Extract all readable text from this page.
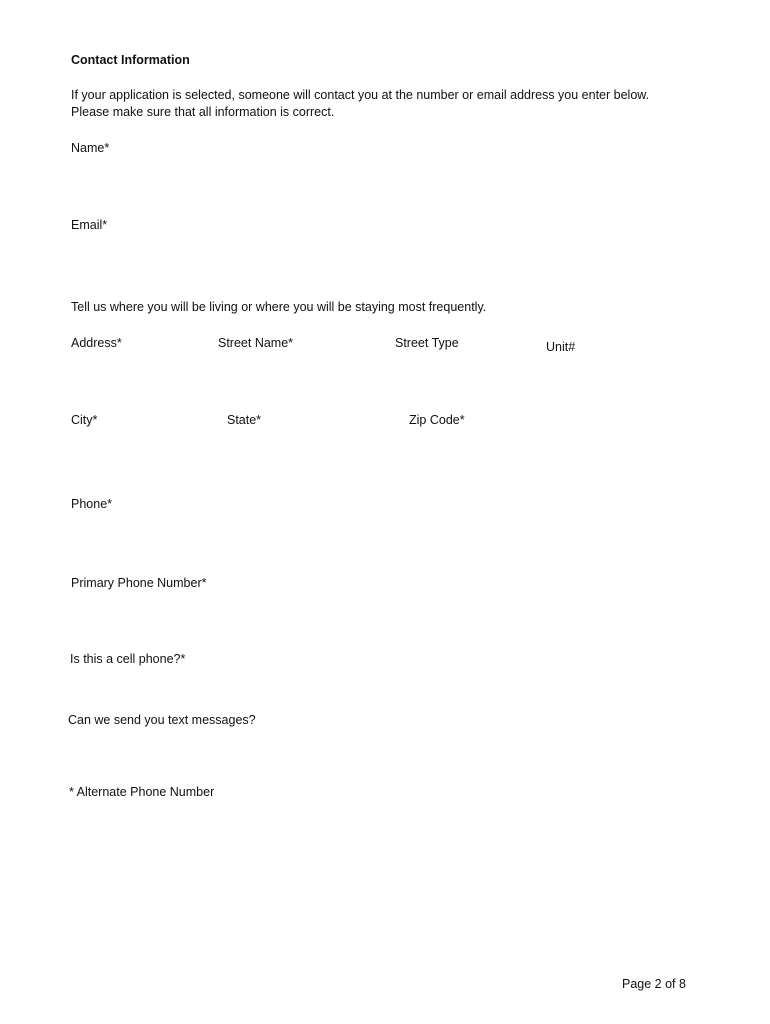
Contact Information
If your application is selected, someone will contact you at the number or email address you enter below.
Please make sure that all information is correct.
Name*
Email*
Tell us where you will be living or where you will be staying most frequently.
Address*	Street Name*	Street Type	Unit#
City*	State*	Zip Code*
Phone*
Primary Phone Number*
Is this a cell phone?*
Can we send you text messages?
* Alternate Phone Number
Page 2 of 8
